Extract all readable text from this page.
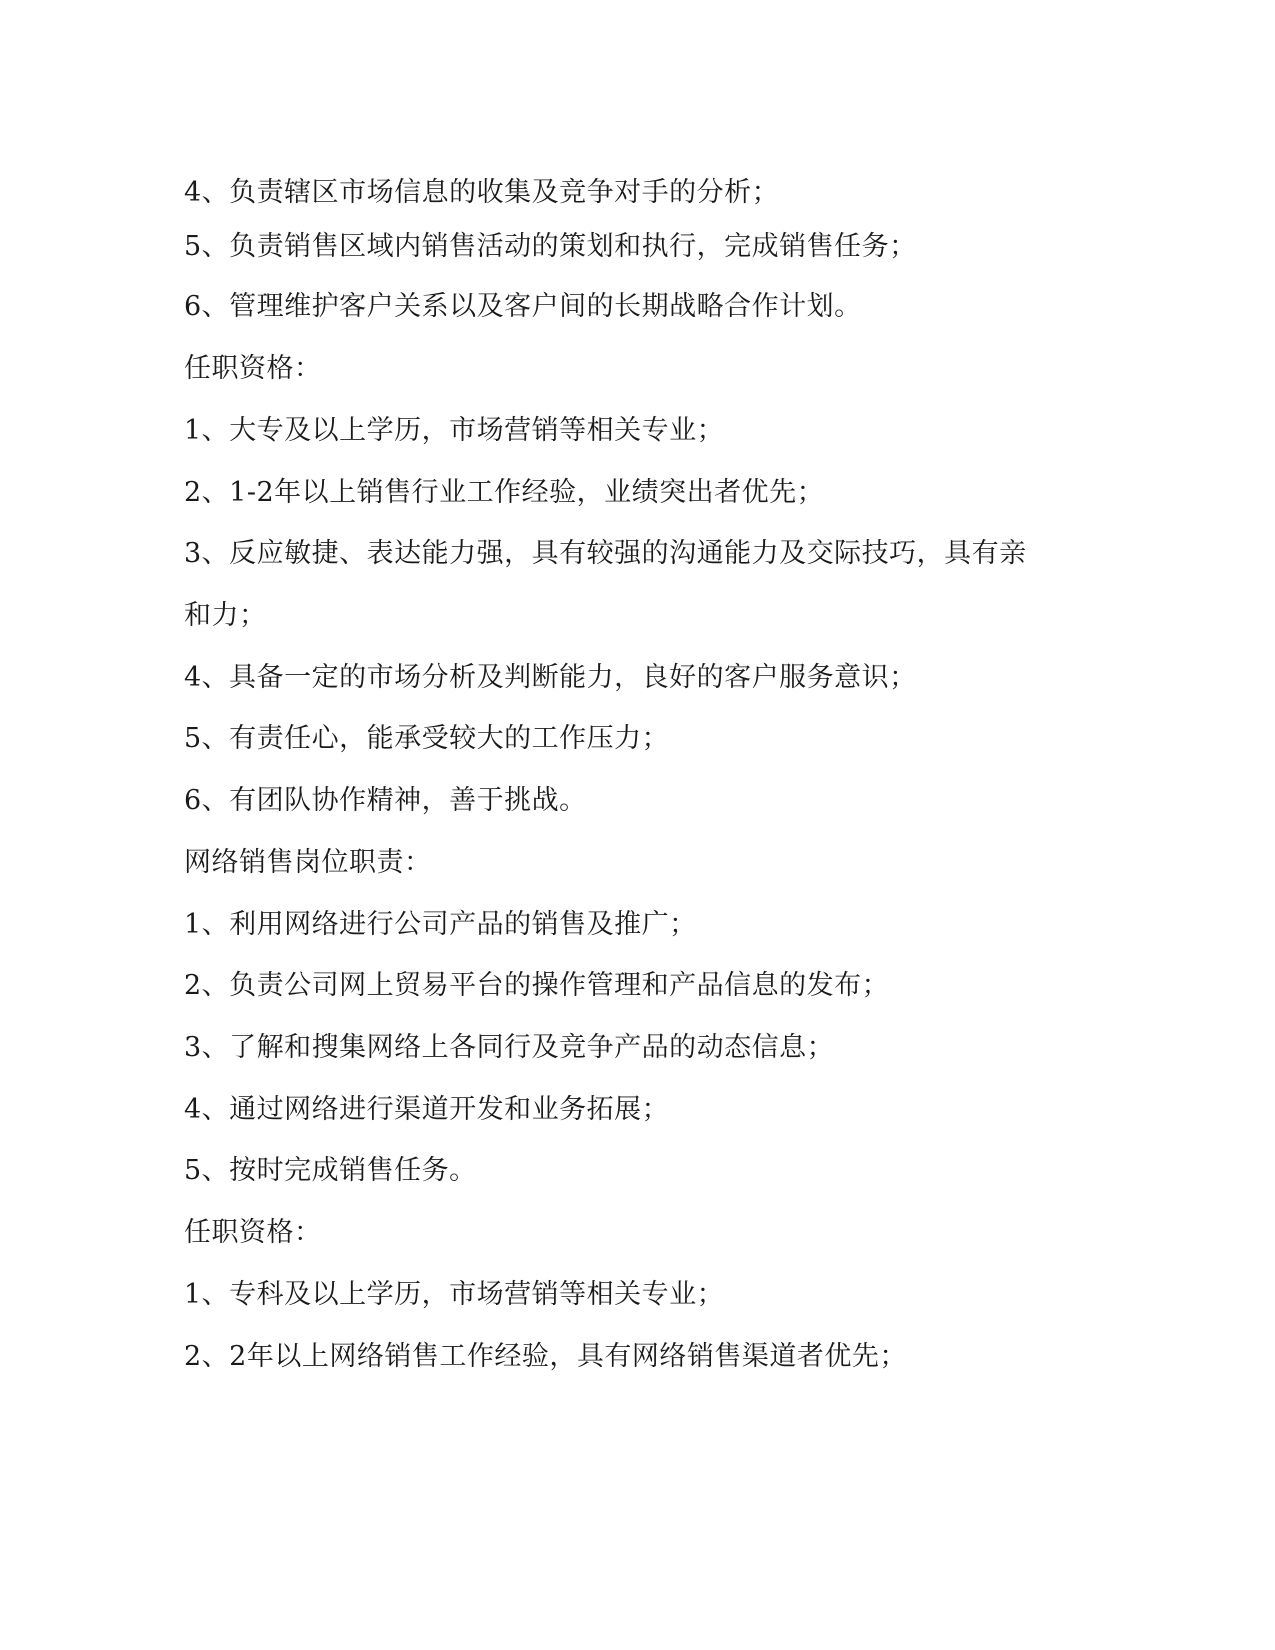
4、负责辖区市场信息的收集及竞争对手的分析；
5、负责销售区域内销售活动的策划和执行，完成销售任务；
6、管理维护客户关系以及客户间的长期战略合作计划。
任职资格：
1、大专及以上学历，市场营销等相关专业；
2、1-2年以上销售行业工作经验，业绩突出者优先；
3、反应敏捷、表达能力强，具有较强的沟通能力及交际技巧，具有亲
和力；
4、具备一定的市场分析及判断能力，良好的客户服务意识；
5、有责任心，能承受较大的工作压力；
6、有团队协作精神，善于挑战。
网络销售岗位职责：
1、利用网络进行公司产品的销售及推广；
2、负责公司网上贸易平台的操作管理和产品信息的发布；
3、了解和搜集网络上各同行及竞争产品的动态信息；
4、通过网络进行渠道开发和业务拓展；
5、按时完成销售任务。
任职资格：
1、专科及以上学历，市场营销等相关专业；
2、2年以上网络销售工作经验，具有网络销售渠道者优先；
